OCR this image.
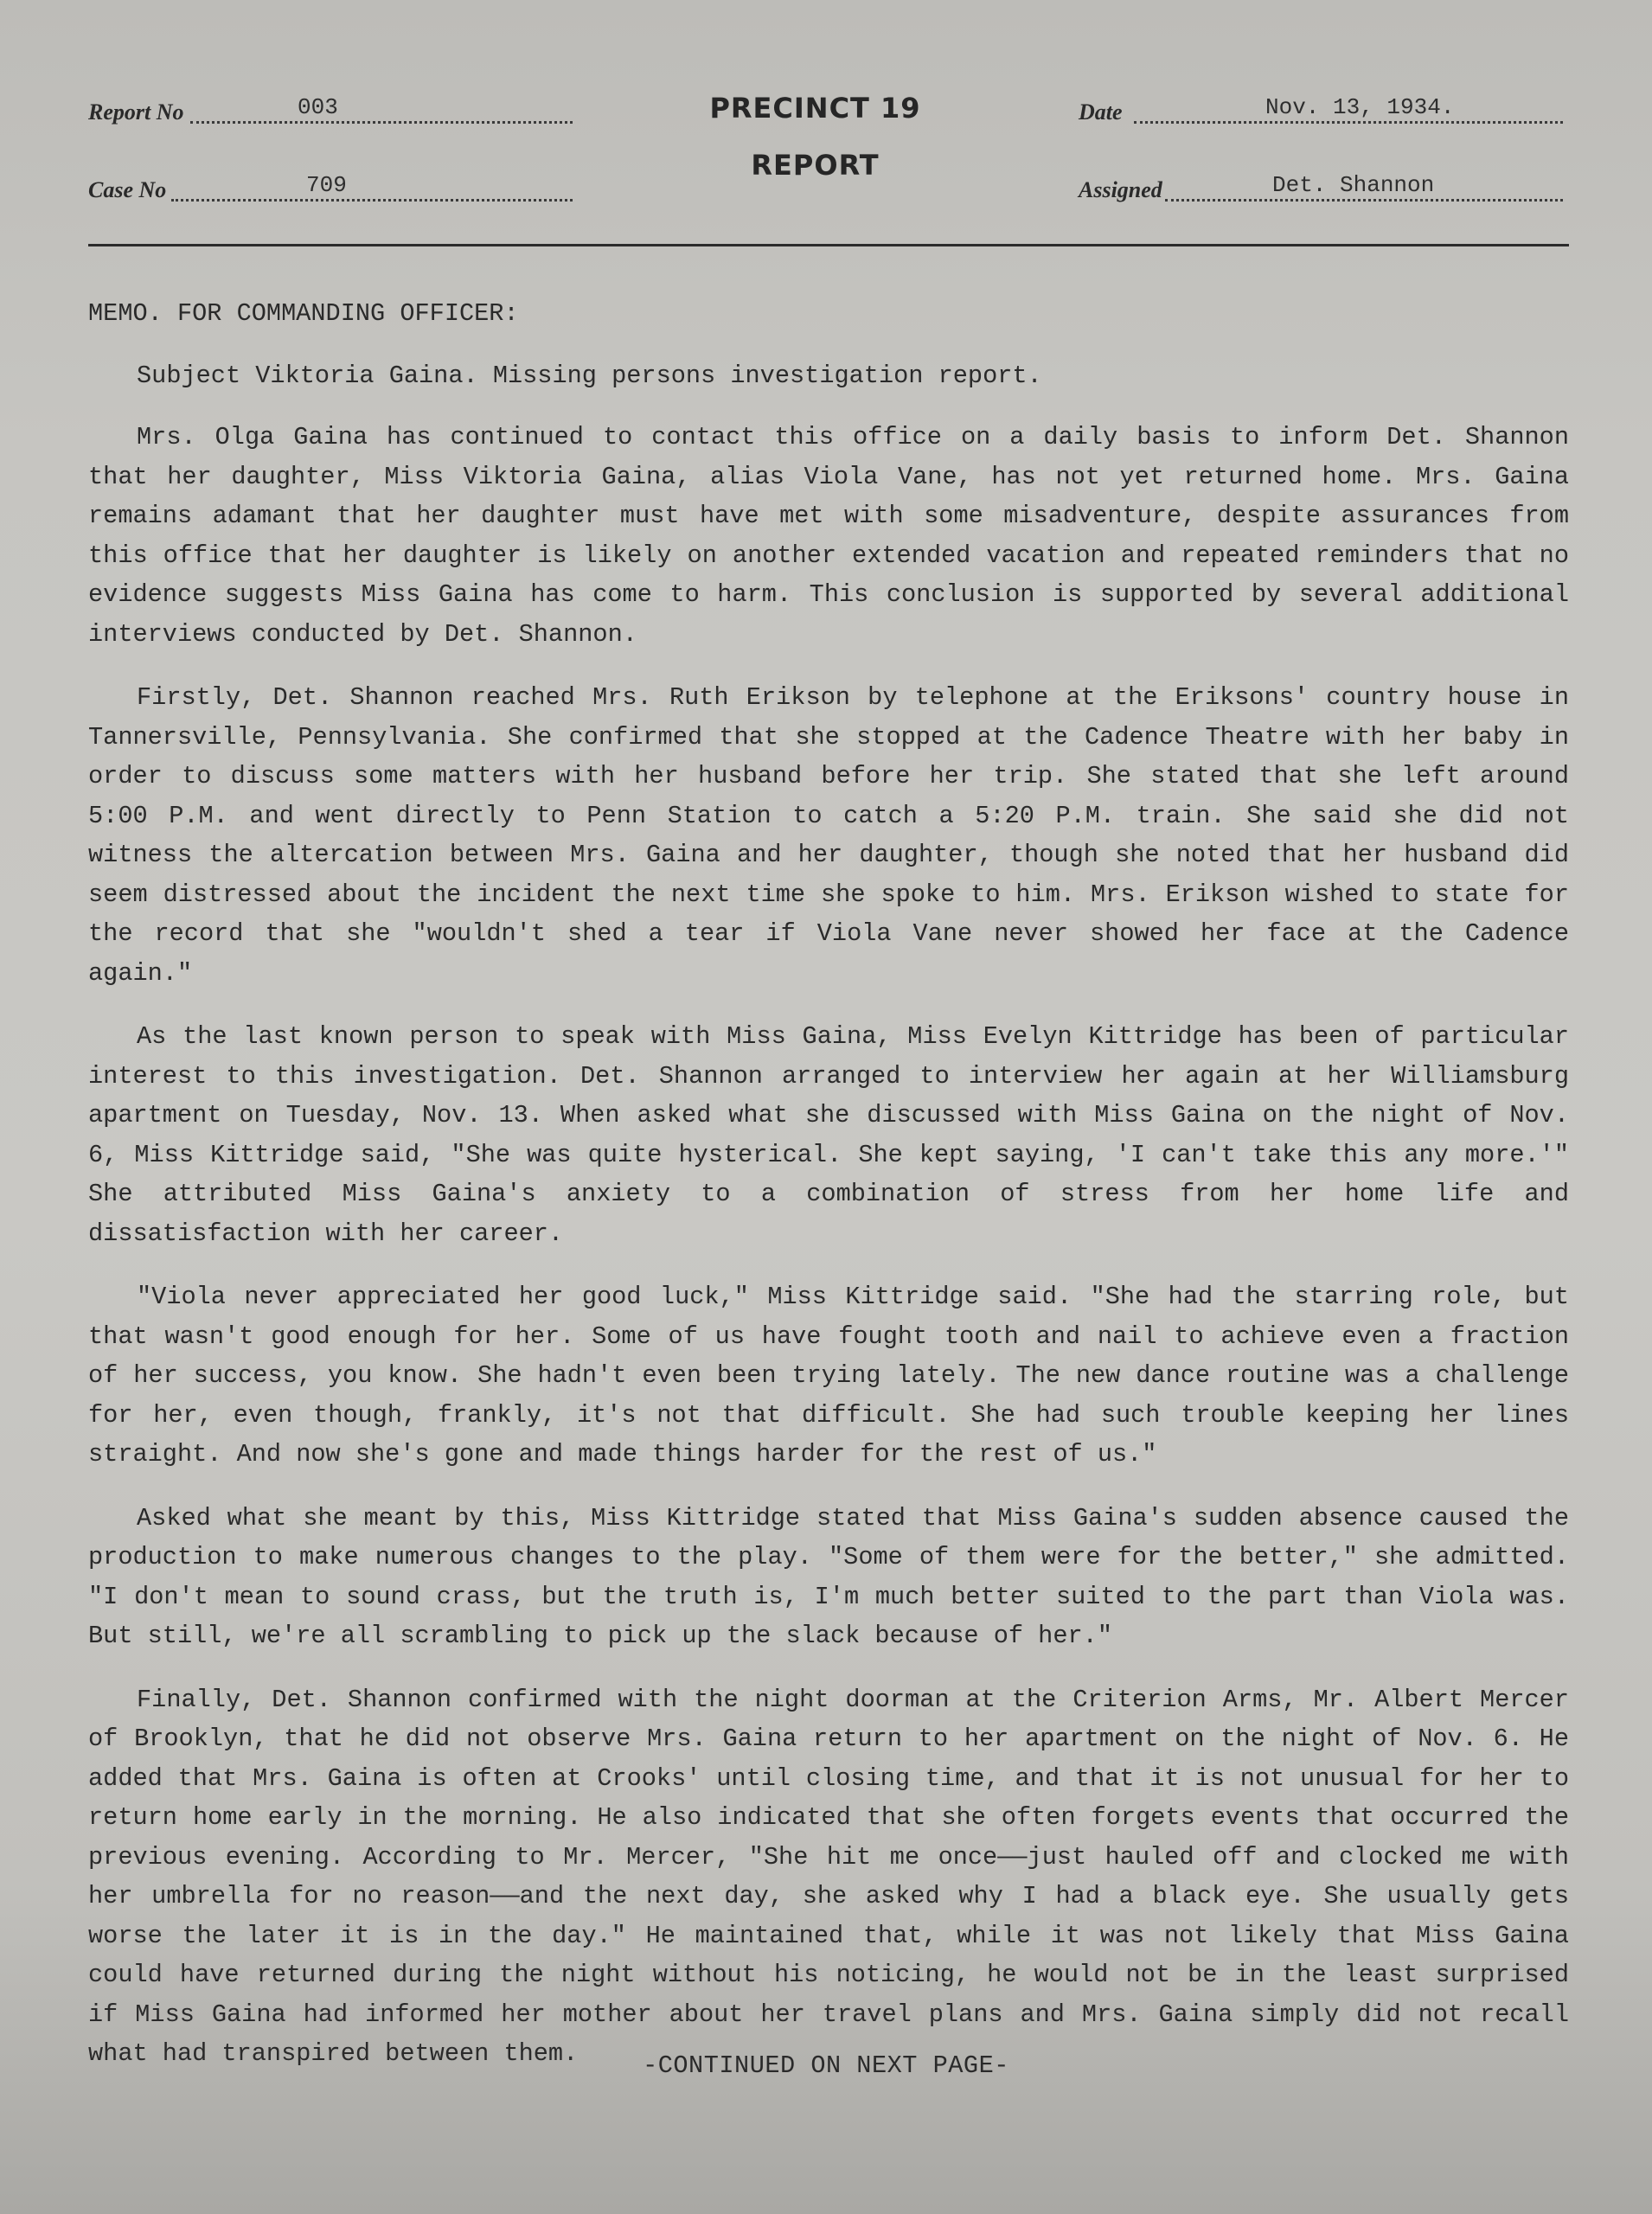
Report No	003
Case No	709
PRECINCT 19
REPORT
Date	Nov. 13, 1934.
Assigned	Det. Shannon

MEMO. FOR COMMANDING OFFICER:

Subject Viktoria Gaina. Missing persons investigation report.

Mrs. Olga Gaina has continued to contact this office on a daily basis to inform Det. Shannon that her daughter, Miss Viktoria Gaina, alias Viola Vane, has not yet returned home. Mrs. Gaina remains adamant that her daughter must have met with some misadventure, despite assurances from this office that her daughter is likely on another extended vacation and repeated reminders that no evidence suggests Miss Gaina has come to harm. This conclusion is supported by several additional interviews conducted by Det. Shannon.

Firstly, Det. Shannon reached Mrs. Ruth Erikson by telephone at the Eriksons' country house in Tannersville, Pennsylvania. She confirmed that she stopped at the Cadence Theatre with her baby in order to discuss some matters with her husband before her trip. She stated that she left around 5:00 P.M. and went directly to Penn Station to catch a 5:20 P.M. train. She said she did not witness the altercation between Mrs. Gaina and her daughter, though she noted that her husband did seem distressed about the incident the next time she spoke to him. Mrs. Erikson wished to state for the record that she "wouldn't shed a tear if Viola Vane never showed her face at the Cadence again."

As the last known person to speak with Miss Gaina, Miss Evelyn Kittridge has been of particular interest to this investigation. Det. Shannon arranged to interview her again at her Williamsburg apartment on Tuesday, Nov. 13. When asked what she discussed with Miss Gaina on the night of Nov. 6, Miss Kittridge said, "She was quite hysterical. She kept saying, 'I can't take this any more.'" She attributed Miss Gaina's anxiety to a combination of stress from her home life and dissatisfaction with her career.

"Viola never appreciated her good luck," Miss Kittridge said. "She had the starring role, but that wasn't good enough for her. Some of us have fought tooth and nail to achieve even a fraction of her success, you know. She hadn't even been trying lately. The new dance routine was a challenge for her, even though, frankly, it's not that difficult. She had such trouble keeping her lines straight. And now she's gone and made things harder for the rest of us."

Asked what she meant by this, Miss Kittridge stated that Miss Gaina's sudden absence caused the production to make numerous changes to the play. "Some of them were for the better," she admitted. "I don't mean to sound crass, but the truth is, I'm much better suited to the part than Viola was. But still, we're all scrambling to pick up the slack because of her."

Finally, Det. Shannon confirmed with the night doorman at the Criterion Arms, Mr. Albert Mercer of Brooklyn, that he did not observe Mrs. Gaina return to her apartment on the night of Nov. 6. He added that Mrs. Gaina is often at Crooks' until closing time, and that it is not unusual for her to return home early in the morning. He also indicated that she often forgets events that occurred the previous evening. According to Mr. Mercer, "She hit me once——just hauled off and clocked me with her umbrella for no reason——and the next day, she asked why I had a black eye. She usually gets worse the later it is in the day." He maintained that, while it was not likely that Miss Gaina could have returned during the night without his noticing, he would not be in the least surprised if Miss Gaina had informed her mother about her travel plans and Mrs. Gaina simply did not recall what had transpired between them.	-CONTINUED ON NEXT PAGE-
